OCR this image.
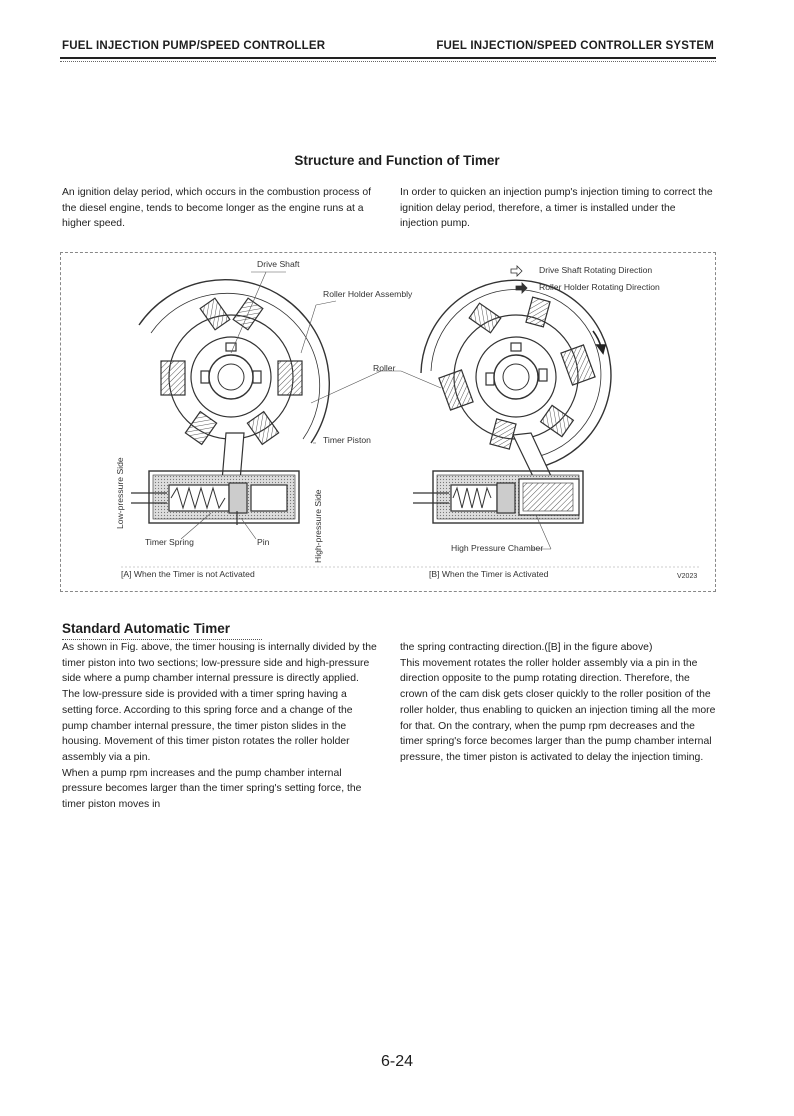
FUEL INJECTION PUMP/SPEED CONTROLLER	FUEL INJECTION/SPEED CONTROLLER SYSTEM
Structure and Function of Timer
An ignition delay period, which occurs in the combustion process of the diesel engine, tends to become longer as the engine runs at a higher speed.
In order to quicken an injection pump's injection timing to correct the ignition delay period, therefore, a timer is installed under the injection pump.
Drive Shaft
Roller Holder Assembly
Roller
Timer Piston
Timer Spring	Pin
Low-pressure Side	High-pressure Side	High Pressure Chamber
Drive Shaft Rotating Direction
Roller Holder Rotating Direction
[A] When the Timer is not Activated	[B] When the Timer is Activated	V2023
Standard Automatic Timer

As shown in Fig. above, the timer housing is internally divided by the timer piston into two sections; low-pressure side and high-pressure side where a pump chamber internal pressure is directly applied. The low-pressure side is provided with a timer spring having a setting force. According to this spring force and a change of the pump chamber internal pressure, the timer piston slides in the housing. Movement of this timer piston rotates the roller holder assembly via a pin.

When a pump rpm increases and the pump chamber internal pressure becomes larger than the timer spring's setting force, the timer piston moves in

the spring contracting direction.([B] in the figure above)

This movement rotates the roller holder assembly via a pin in the direction opposite to the pump rotating direction. Therefore, the crown of the cam disk gets closer quickly to the roller position of the roller holder, thus enabling to quicken an injection timing all the more for that. On the contrary, when the pump rpm decreases and the timer spring's force becomes larger than the pump chamber internal pressure, the timer piston is activated to delay the injection timing.

6-24
